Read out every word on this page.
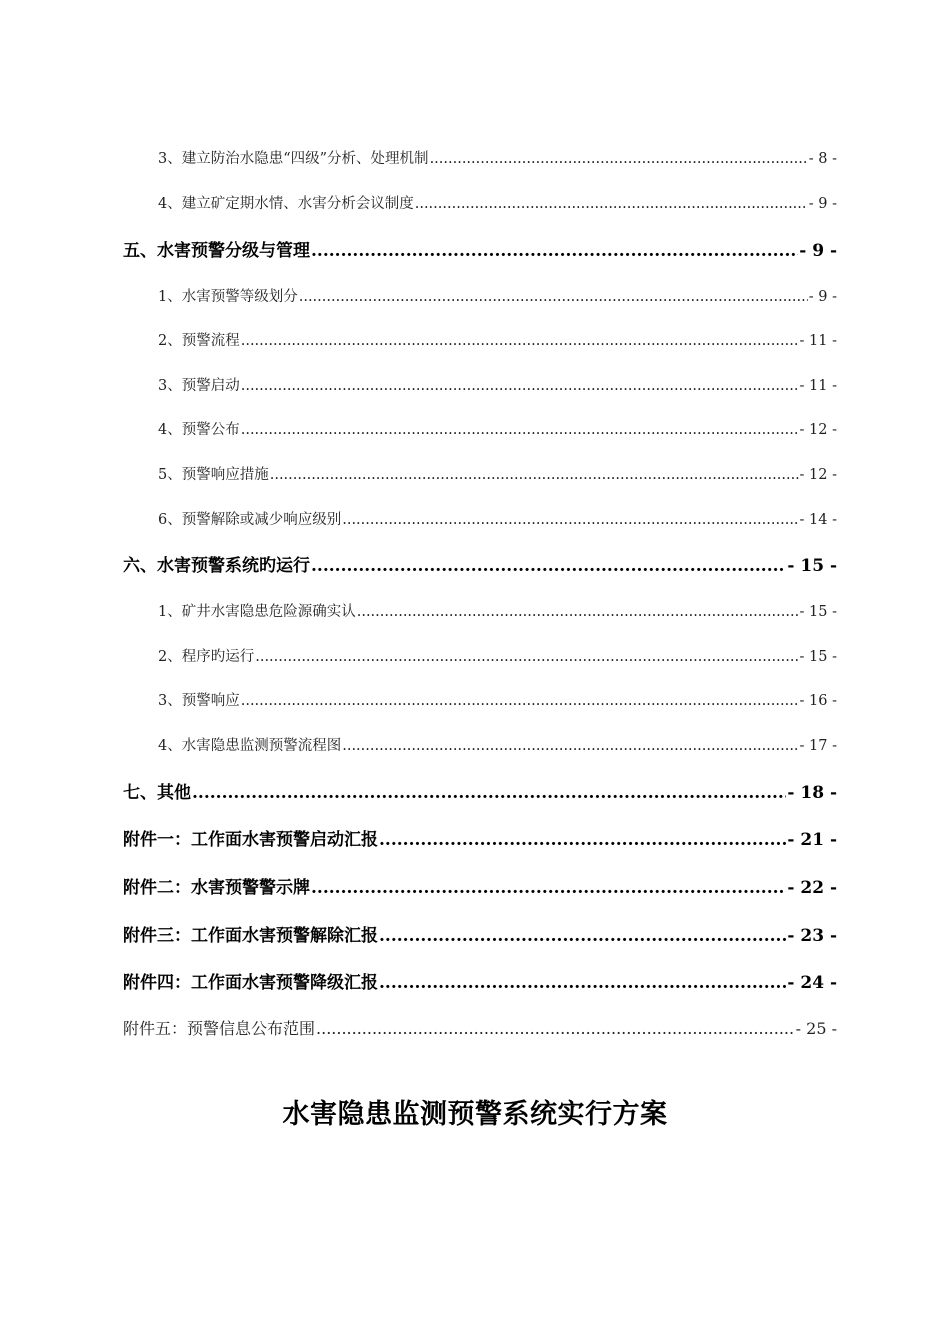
3、建立防治水隐患“四级”分析、处理机制 .....	- 8 -
4、建立矿定期水情、水害分析会议制度 .....	- 9 -
五、水害预警分级与管理 .....	- 9 -
1、水害预警等级划分 .....	- 9 -
2、预警流程 .....	- 11 -
3、预警启动 .....	- 11 -
4、预警公布 .....	- 12 -
5、预警响应措施 .....	- 12 -
6、预警解除或减少响应级别 .....	- 14 -
六、水害预警系统旳运行 .....	- 15 -
1、矿井水害隐患危险源确实认 .....	- 15 -
2、程序旳运行 .....	- 15 -
3、预警响应 .....	- 16 -
4、水害隐患监测预警流程图 .....	- 17 -
七、其他 .....	- 18 -
附件一：工作面水害预警启动汇报 .....	- 21 -
附件二：水害预警警示牌 .....	- 22 -
附件三：工作面水害预警解除汇报 .....	- 23 -
附件四：工作面水害预警降级汇报 .....	- 24 -
附件五：预警信息公布范围 .....	- 25 -
水害隐患监测预警系统实行方案
